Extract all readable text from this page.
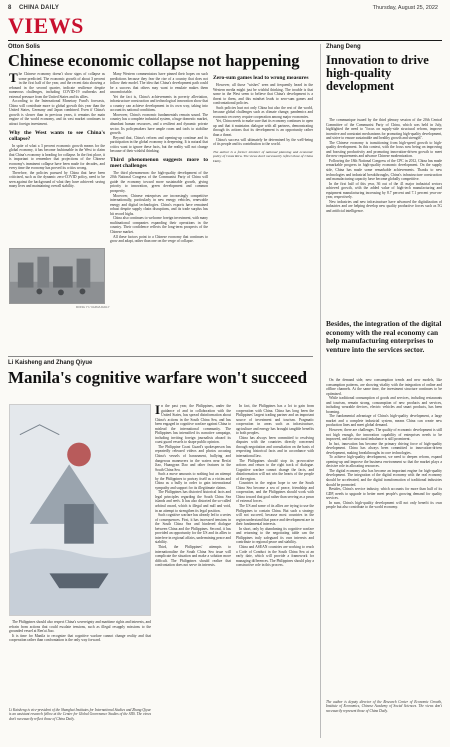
8 CHINA DAILY	Thursday, August 25, 2022
VIEWS
Otton Solis
Chinese economic collapse not happening
T he Chinese economy doesn't show signs of collapse as some predicted. The economic growth of about 3 percent in the first half of the year, and the recent data showing a rebound in the second quarter, indicate resilience despite numerous challenges, including COVID-19 outbreaks and external pressure from the United States and its allies.

According to the International Monetary Fund's forecasts, China will contribute more to global growth this year than the United States, Germany and Japan combined. Even if China's growth is slower than in previous years, it remains the main engine of the world economy, and its vast market continues to attract foreign investment.

Why the West wants to see China's collapse?

In spite of what a 3 percent economic growth means for the global economy, it has become fashionable in the West to claim that China's economy is heading for collapse. In the first place, it is important to remember that projections of the Chinese economy's imminent collapse have been made for decades, and every time the economy has proved its critics wrong.

Therefore, the policies pursued by China that have been criticized, such as the dynamic zero-COVID policy, need to be seen against the background of what they have achieved: saving many lives and maintaining overall stability.

DONG YI / CHINA DAILY

Many Western commentators have pinned their hopes on such predictions because they fear the rise of a country that does not follow their model. The idea that China's development path could be a success that others may want to emulate makes them uncomfortable.

Yet the fact is, China's achievements in poverty alleviation, infrastructure construction and technological innovation show that a country can achieve development in its own way, taking into account its national conditions.

Moreover, China's economic fundamentals remain sound. The country has a complete industrial system, a huge domestic market, abundant human resources, and a resilient and dynamic private sector. Its policymakers have ample room and tools to stabilize growth.

Beyond that, China's reform and opening-up continue and its participation in the global economy is deepening. It is natural that critics want to ignore these facts, but the reality will not change because of their wishful thinking.

Third phenomenon suggests more to meet challenges

The third phenomenon: the high-quality development of the 20th National Congress of the Communist Party of China will guide the economy toward more sustainable growth, giving priority to innovation, green development and common prosperity.

Moreover, Chinese enterprises are increasingly competitive internationally, particularly in new energy vehicles, renewable energy and digital technologies. China's exports have remained robust despite supply chain disruptions, and its trade surplus has hit record highs.

China also continues to welcome foreign investment, with many multinational companies expanding their operations in the country. Their confidence reflects the long-term prospects of the Chinese market.

All these factors point to a Chinese economy that continues to grow and adapt, rather than one on the verge of collapse.

Zero-sum games lead to wrong measures

However, all those "wishes" seen and frequently heard in the Western media might just be wishful thinking. The trouble is that some in the West seem to believe that China's development is a threat to them, and this mindset leads to zero-sum games and confrontational policies.

Such policies hurt not only China but also the rest of the world, because global challenges such as climate change, pandemics and economic recovery require cooperation among major economies.

Yet, China needs to make sure that its economy continues to open up and that it maintains dialogue with all partners, demonstrating through its actions that its development is an opportunity rather than a threat.

China's success will ultimately be determined by the well-being of its people and its contribution to the world.

The author is a former minister of national planning and economic policy of Costa Rica. The views don't necessarily reflect those of China Daily.

Li Kaisheng and Zhang Qiyue
Manila's cognitive warfare won't succeed
I n the past year, the Philippines, under the guidance of and in collaboration with the United States, has spread disinformation about China's actions in the South China Sea, and has been engaged in cognitive warfare against China to mislead the international community. The Philippines has intensified its narrative campaign, including inviting foreign journalists aboard its coast guard vessels to shape public opinion.

The Philippine Coast Guard's spokesperson has repeatedly released videos and photos accusing China's vessels of harassment, bullying and dangerous maneuvers in the waters near Ren'ai Jiao, Huangyan Dao and other features in the South China Sea.

Such a move amounts to nothing but an attempt by the Philippines to portray itself as a victim and China as a bully in order to gain international sympathy and support for its illegitimate claims.

The Philippines has distorted historical facts and legal principles regarding the South China Sea islands and reefs. It has also distorted the so-called arbitral award, which is illegal and null and void, in an attempt to strengthen its legal position.

Such cognitive warfare has already led to a series of consequences. First, it has increased tensions in the South China Sea and hindered dialogue between China and the Philippines. Second, it has provided an opportunity for the US and its allies to interfere in regional affairs, undermining peace and stability.

Third, the Philippines' attempts to internationalize the South China Sea issue will complicate the situation and make a solution more difficult. The Philippines should realize that confrontation does not serve its interests.

In fact, the Philippines has a lot to gain from cooperation with China. China has long been the Philippines' largest trading partner and an important source of investment and tourism. Pragmatic cooperation in areas such as infrastructure, agriculture and energy has brought tangible benefits to both peoples.

China has always been committed to resolving disputes with the countries directly concerned through negotiation and consultation on the basis of respecting historical facts and in accordance with international law.

The Philippines should stop its provocative actions and return to the right track of dialogue. Cognitive warfare cannot change the facts, and disinformation will not win the hearts of the people of the region.

Countries in the region hope to see the South China Sea become a sea of peace, friendship and cooperation, and the Philippines should work with China toward that goal rather than serving as a pawn of external forces.

The US and some of its allies are trying to use the Philippines to contain China. But such a strategy will not succeed, because most countries in the region understand that peace and development are in their fundamental interests.

In short, only by abandoning its cognitive warfare and returning to the negotiating table can the Philippines truly safeguard its own interests and contribute to regional peace and stability.

China and ASEAN countries are working to reach a Code of Conduct in the South China Sea at an early date, which will provide a framework for managing differences. The Philippines should play a constructive role in this process.

The Philippines should also respect China's sovereignty and maritime rights and interests, and refrain from actions that could escalate tensions, such as illegal resupply missions to the grounded vessel at Ren'ai Jiao.

It is time for Manila to recognize that cognitive warfare cannot change reality and that cooperation rather than confrontation is the only way forward.

Li Kaisheng is vice-president of the Shanghai Institutes for International Studies and Zhang Qiyue is an assistant research fellow at the Center for Global Governance Studies of the SIIS. The views don't necessarily reflect those of China Daily.
Zhang Deng
Innovation to drive high-quality development

The communique issued by the third plenary session of the 20th Central Committee of the Communist Party of China, which was held in July, highlighted the need to "focus on supply-side structural reform, improve incentive and constraint mechanisms for promoting high-quality development, and strive to ensure sustainable and healthy growth and strength".

The Chinese economy is transitioning from high-speed growth to high-quality development. In this context, with the focus now being on improving and boosting productivity and promoting innovation-driven growth to meet the new requirements and advance Chinese modernization.

Following the 18th National Congress of the CPC in 2012, China has made remarkable progress in high-quality economic development. On the supply side, China has made some remarkable achievements. Thanks to new technologies and industrial breakthroughs, China's infrastructure construction and manufacturing capacity have become globally competitive.

In the first half of this year, 36 out of the 41 major industrial sectors achieved growth, with the added value of high-tech manufacturing and equipment manufacturing increasing by 8.7 percent and 7.1 percent year-on-year, respectively.

New industries and new infrastructure have advanced the digitalization of industries and are helping develop new quality productive forces such as 5G and artificial intelligence.

Besides, the integration of the digital economy with the real economy can help manufacturing enterprises to venture into the services sector.

On the demand side, new consumption trends and new models, like consumption patterns, are showing vitality with the integration of online and offline channels. At the same time, the investment structure continues to be optimized.

While traditional consumption of goods and services, including restaurants and tourism, remain strong, consumption of new products and services, including wearable devices, electric vehicles and smart products, has been booming.

The fundamental advantage of China's high-quality development, a large market and a complete industrial system, means China can create new production lines and meet global demand.

However, there are challenges. The quality of economic development is still not high enough, the innovation capability of enterprises needs to be improved, and the structural imbalance is still prominent.

In fact, innovation has become the primary driving force of high-quality development. China has always been committed to innovation-driven development, making breakthroughs in core technologies.

To achieve high-quality development, we need to deepen reform, expand opening-up and improve the business environment so that the market plays a decisive role in allocating resources.

The digital economy also has become an important engine for high-quality development. The integration of the digital economy with the real economy should be accelerated, and the digital transformation of traditional industries should be promoted.

Besides, China's service industry, which accounts for more than half of its GDP, needs to upgrade to better meet people's growing demand for quality services.

In sum, China's high-quality development will not only benefit its own people but also contribute to the world economy.

The author is deputy director of the Research Center of Economic Growth, Institute of Economics, Chinese Academy of Social Sciences. The views don't necessarily represent those of China Daily.
